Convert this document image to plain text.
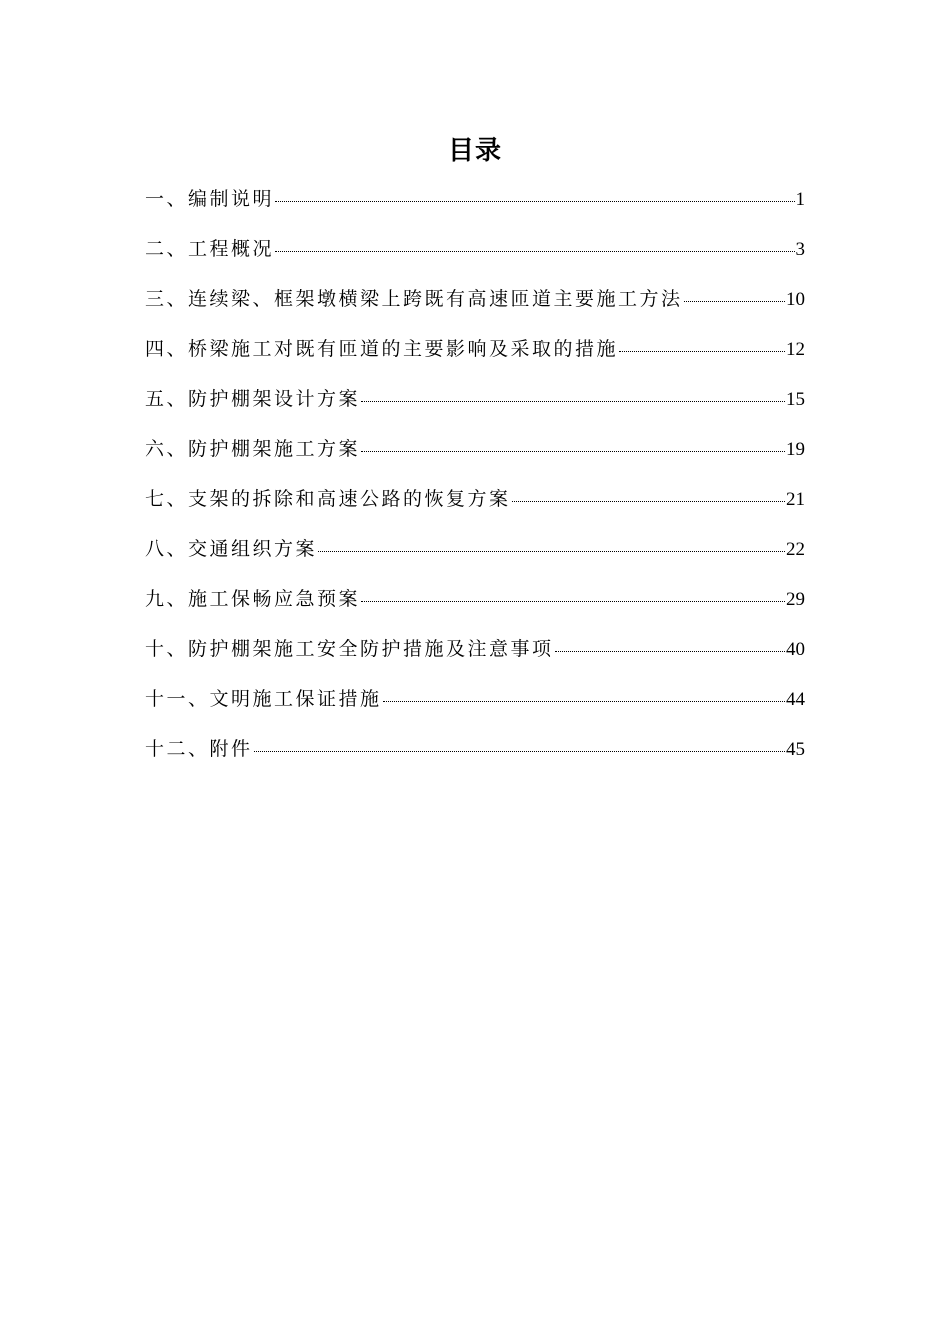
目录
一、编制说明	1
二、工程概况	3
三、连续梁、框架墩横梁上跨既有高速匝道主要施工方法	10
四、桥梁施工对既有匝道的主要影响及采取的措施	12
五、防护棚架设计方案	15
六、防护棚架施工方案	19
七、支架的拆除和高速公路的恢复方案	21
八、交通组织方案	22
九、施工保畅应急预案	29
十、防护棚架施工安全防护措施及注意事项	40
十一、文明施工保证措施	44
十二、附件	45
